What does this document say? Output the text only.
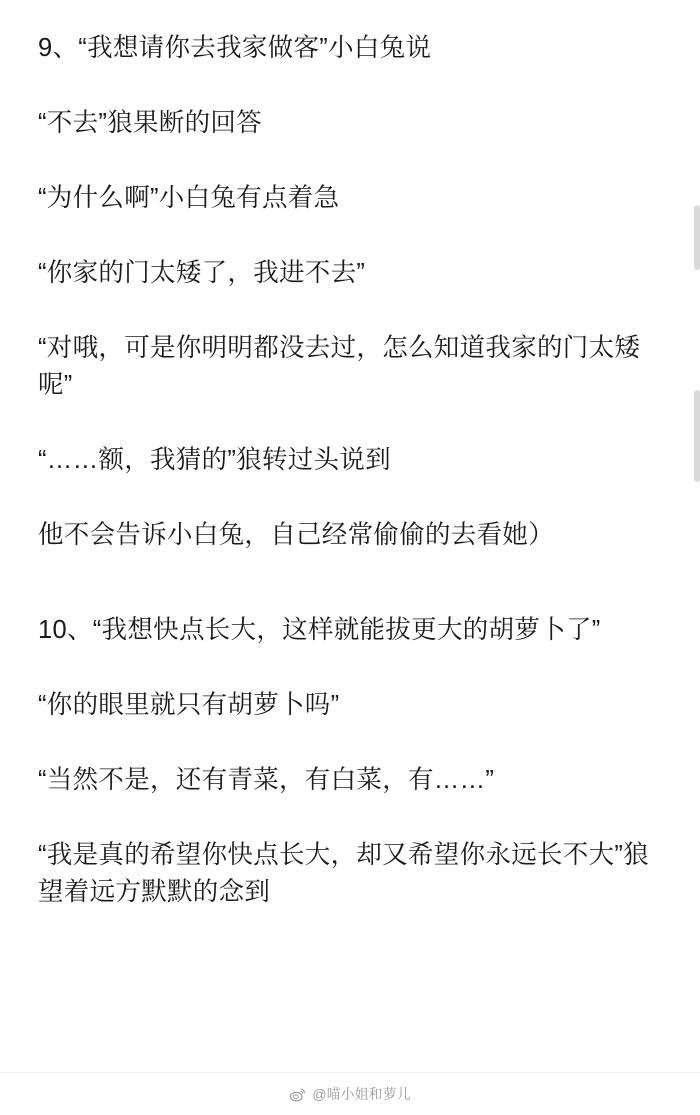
9、“我想请你去我家做客”小白兔说

“不去”狼果断的回答

“为什么啊”小白兔有点着急

“你家的门太矮了，我进不去”

“对哦，可是你明明都没去过，怎么知道我家的门太矮呢”

“……额，我猜的”狼转过头说到

他不会告诉小白兔，自己经常偷偷的去看她）

10、“我想快点长大，这样就能拔更大的胡萝卜了”

“你的眼里就只有胡萝卜吗”

“当然不是，还有青菜，有白菜，有……”

“我是真的希望你快点长大，却又希望你永远长不大”狼望着远方默默的念到

@喵小姐和萝儿
